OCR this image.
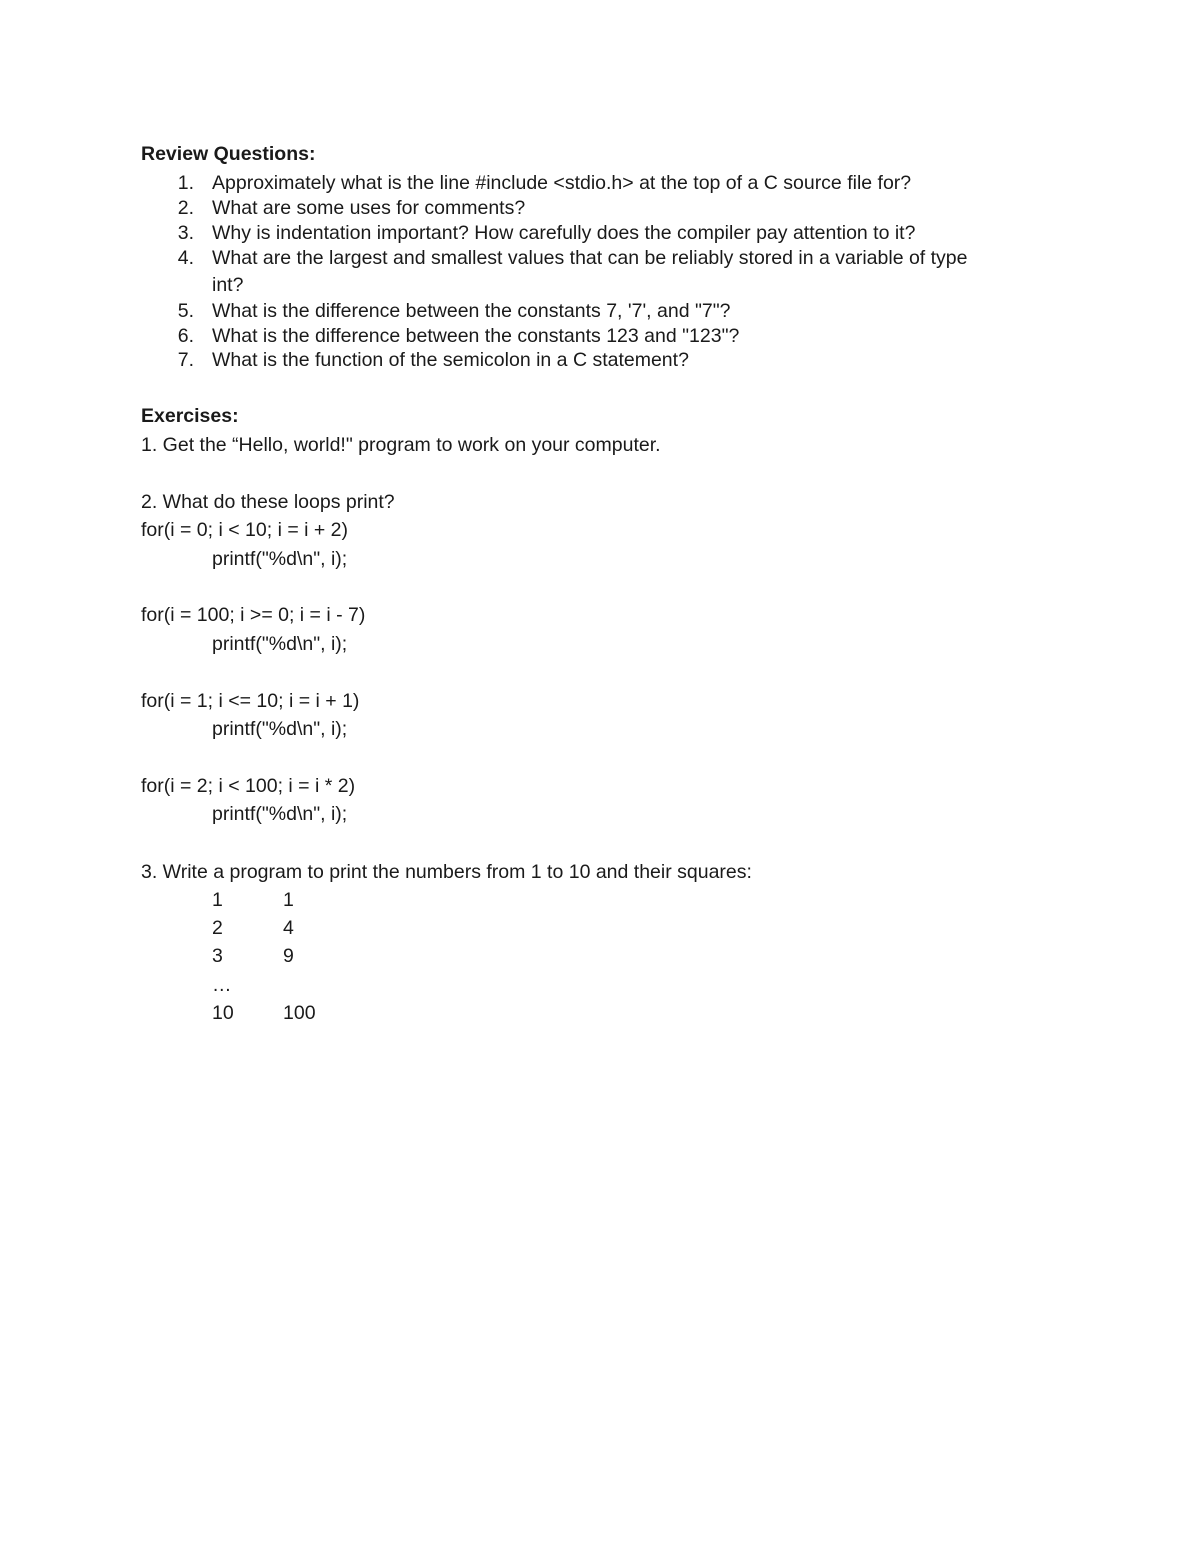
Review Questions:
1. Approximately what is the line #include <stdio.h> at the top of a C source file for?
2. What are some uses for comments?
3. Why is indentation important? How carefully does the compiler pay attention to it?
4. What are the largest and smallest values that can be reliably stored in a variable of type
int?
5. What is the difference between the constants 7, '7', and "7"?
6. What is the difference between the constants 123 and "123"?
7. What is the function of the semicolon in a C statement?
Exercises:
1. Get the “Hello, world!" program to work on your computer.
2. What do these loops print?
for(i = 0; i < 10; i = i + 2)
printf("%d\n", i);
for(i = 100; i >= 0; i = i - 7)
printf("%d\n", i);
for(i = 1; i <= 10; i = i + 1)
printf("%d\n", i);
for(i = 2; i < 100; i = i * 2)
printf("%d\n", i);
3. Write a program to print the numbers from 1 to 10 and their squares:
1	1
2	4
3	9
…
10	100
